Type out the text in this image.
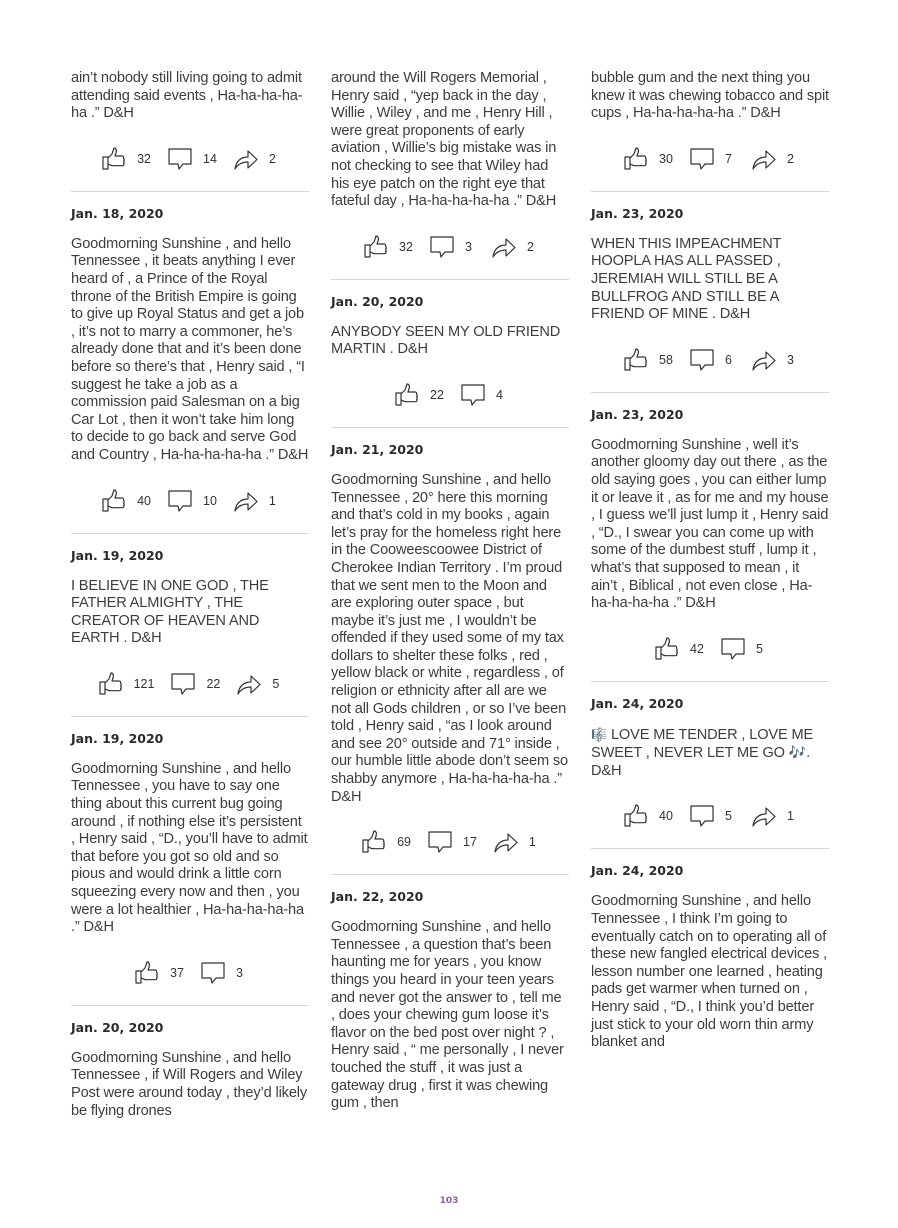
ain’t nobody still living going to admit attending said events , Ha-ha-ha-ha-ha .” D&H

32	14	2
Jan. 18, 2020

Goodmorning Sunshine , and hello Tennessee , it beats anything I ever heard of , a Prince of the Royal throne of the British Empire is going to give up Royal Status and get a job , it’s not to marry a commoner, he’s already done that and it’s been done before so there’s that , Henry said , “I suggest he take a job as a commission paid Salesman on a big Car Lot , then it won’t take him long to decide to go back and serve God and Country , Ha-ha-ha-ha-ha .” D&H

40	10	1
Jan. 19, 2020

I BELIEVE IN ONE GOD , THE FATHER ALMIGHTY , THE CREATOR OF HEAVEN AND EARTH . D&H

121	22	5
Jan. 19, 2020

Goodmorning Sunshine , and hello Tennessee , you have to say one thing about this current bug going around , if nothing else it’s persistent , Henry said , “D., you’ll have to admit that before you got so old and so pious and would drink a little corn squeezing every now and then , you were a lot healthier , Ha-ha-ha-ha-ha .” D&H

37	3
Jan. 20, 2020

Goodmorning Sunshine , and hello Tennessee , if Will Rogers and Wiley Post were around today , they’d likely be flying drones

around the Will Rogers Memorial , Henry said , “yep back in the day , Willie , Wiley , and me , Henry Hill , were great proponents of early aviation , Willie’s big mistake was in not checking to see that Wiley had his eye patch on the right eye that fateful day , Ha-ha-ha-ha-ha .” D&H

32	3	2
Jan. 20, 2020

ANYBODY SEEN MY OLD FRIEND MARTIN . D&H

22	4
Jan. 21, 2020

Goodmorning Sunshine , and hello Tennessee , 20° here this morning and that’s cold in my books , again let’s pray for the homeless right here in the Cooweescoowee District of Cherokee Indian Territory . I’m proud that we sent men to the Moon and are exploring outer space , but maybe it’s just me , I wouldn’t be offended if they used some of my tax dollars to shelter these folks , red , yellow black or white , regardless , of religion or ethnicity after all are we not all Gods children , or so I’ve been told , Henry said , “as I look around and see 20° outside and 71° inside , our humble little abode don’t seem so shabby anymore , Ha-ha-ha-ha-ha .” D&H

69	17	1
Jan. 22, 2020

Goodmorning Sunshine , and hello Tennessee , a question that’s been haunting me for years , you know things you heard in your teen years and never got the answer to , tell me , does your chewing gum loose it’s flavor on the bed post over night ? , Henry said , “ me personally , I never touched the stuff , it was just a gateway drug , first it was chewing gum , then

bubble gum and the next thing you knew it was chewing tobacco and spit cups , Ha-ha-ha-ha-ha .” D&H

30	7	2
Jan. 23, 2020

WHEN THIS IMPEACHMENT HOOPLA HAS ALL PASSED , JEREMIAH WILL STILL BE A BULLFROG AND STILL BE A FRIEND OF MINE . D&H

58	6	3
Jan. 23, 2020

Goodmorning Sunshine , well it’s another gloomy day out there , as the old saying goes , you can either lump it or leave it , as for me and my house , I guess we’ll just lump it , Henry said , “D., I swear you can come up with some of the dumbest stuff , lump it , what’s that supposed to mean , it ain’t , Biblical , not even close , Ha-ha-ha-ha-ha .” D&H

42	5
Jan. 24, 2020

🎼 LOVE ME TENDER , LOVE ME SWEET , NEVER LET ME GO 🎶. D&H

40	5	1
Jan. 24, 2020

Goodmorning Sunshine , and hello Tennessee , I think I’m going to eventually catch on to operating all of these new fangled electrical devices , lesson number one learned , heating pads get warmer when turned on , Henry said , “D., I think you’d better just stick to your old worn thin army blanket and

103
